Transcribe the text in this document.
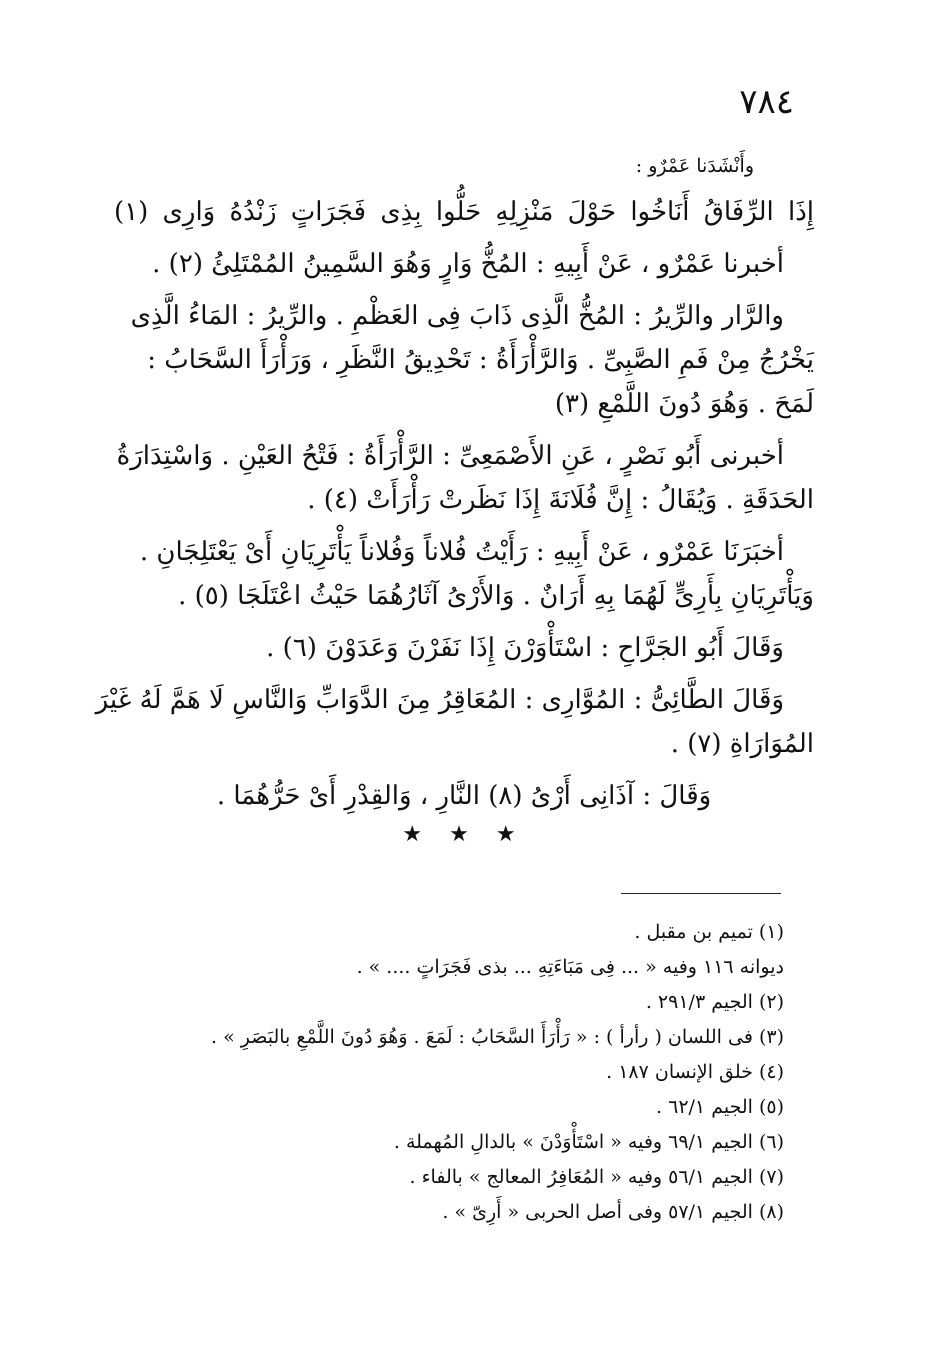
٧٨٤
وأَنْشَدَنا عَمْرٌو :
إِذَا الرِّفَاقُ أَنَاخُوا حَوْلَ مَنْزِلِهِ حَلُّوا بِذِى فَجَرَاتٍ زَنْدُهُ وَارِى (١)
أخبرنا عَمْرٌو ، عَنْ أَبِيهِ : المُخُّ وَارٍ وَهُوَ السَّمِينُ المُمْتَلِئُ (٢) .
والرَّار والرِّيرُ : المُخُّ الَّذِى ذَابَ فِى العَظْمِ . والرِّيرُ : المَاءُ الَّذِى
يَخْرُجُ مِنْ فَمِ الصَّبِىِّ . وَالرَّأْرَأَةُ : تَحْدِيقُ النَّظَرِ ، وَرَأْرَأَ السَّحَابُ :
لَمَحَ . وَهُوَ دُونَ اللَّمْعِ (٣)
أخبرنى أَبُو نَصْرٍ ، عَنِ الأَصْمَعِىِّ : الرَّأْرَأَةُ : فَتْحُ العَيْنِ . وَاسْتِدَارَةُ
الحَدَقَةِ . وَيُقَالُ : إِنَّ فُلَانَةَ إِذَا نَظَرتْ رَأْرَأَتْ (٤) .
أخبَرَنَا عَمْرٌو ، عَنْ أَبِيهِ : رَأَيْتُ فُلاناً وَفُلاناً يَأْتَرِيَانِ أَىْ يَعْتَلِجَانِ .
وَيَأْتَرِيَانِ بِأَرِىٍّ لَهُمَا بِهِ أَرَانٌ . وَالأَرْىُ آثَارُهُمَا حَيْثُ اعْتَلَجَا (٥) .
وَقَالَ أَبُو الجَرَّاحِ : اسْتَأْوَرْنَ إِذَا نَفَرْنَ وَعَدَوْنَ (٦) .
وَقَالَ الطَّائِىُّ : المُوَّارِى : المُعَاقِرُ مِنَ الدَّوَابِّ وَالنَّاسِ لَا هَمَّ لَهُ غَيْرَ
المُوَارَاةِ (٧) .
وَقَالَ : آذَانِى أَرْىُ (٨) النَّارِ ، وَالقِدْرِ أَىْ حَرُّهُمَا .
★ ★ ★
(١) تميم بن مقبل .
ديوانه ١١٦ وفيه « ... فِى مَبَاءَتِهِ ... بذى فَجَرَاتٍ .... » .
(٢) الجيم ٢٩١/٣ .
(٣) فى اللسان ( رأرأ ) : « رَأْرَأَ السَّحَابُ : لَمَعَ . وَهُوَ دُونَ اللَّمْعِ بالبَصَرِ » .
(٤) خلق الإنسان ١٨٧ .
(٥) الجيم ٦٢/١ .
(٦) الجيم ٦٩/١ وفيه « اسْتَأْوَدْنَ » بالدالِ المُهملة .
(٧) الجيم ٥٦/١ وفيه « المُعَافِرُ المعالج » بالفاء .
(٨) الجيم ٥٧/١ وفى أصل الحربى « أَرِىّ » .
